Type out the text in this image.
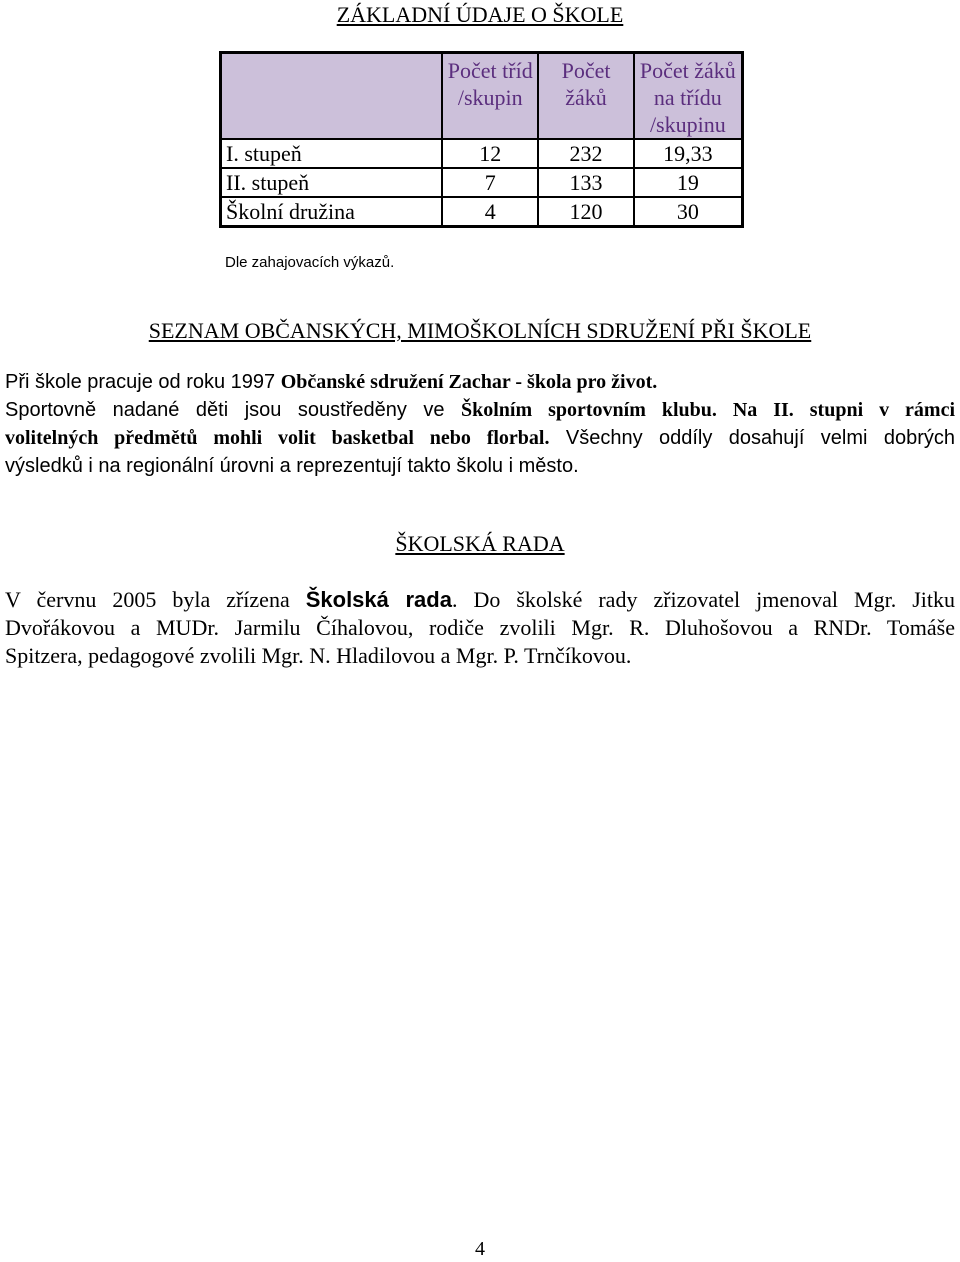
ZÁKLADNÍ ÚDAJE O ŠKOLE
	Počet tříd /skupin	Počet žáků	Počet žáků na třídu /skupinu
I. stupeň	12	232	19,33
II. stupeň	7	133	19
Školní družina	4	120	30
Dle zahajovacích výkazů.
SEZNAM OBČANSKÝCH, MIMOŠKOLNÍCH SDRUŽENÍ PŘI ŠKOLE
Při škole pracuje od roku 1997 Občanské sdružení Zachar - škola pro život.
Sportovně nadané děti jsou soustředěny ve Školním sportovním klubu. Na II. stupni v rámci
volitelných předmětů mohli volit basketbal nebo florbal. Všechny oddíly dosahují velmi dobrých
výsledků i na regionální úrovni a reprezentují takto školu i město.
ŠKOLSKÁ RADA
V červnu 2005 byla zřízena Školská rada. Do školské rady zřizovatel jmenoval Mgr. Jitku
Dvořákovou a MUDr. Jarmilu Číhalovou, rodiče zvolili Mgr. R. Dluhošovou a RNDr. Tomáše
Spitzera, pedagogové zvolili Mgr. N. Hladilovou a Mgr. P. Trnčíkovou.
4
